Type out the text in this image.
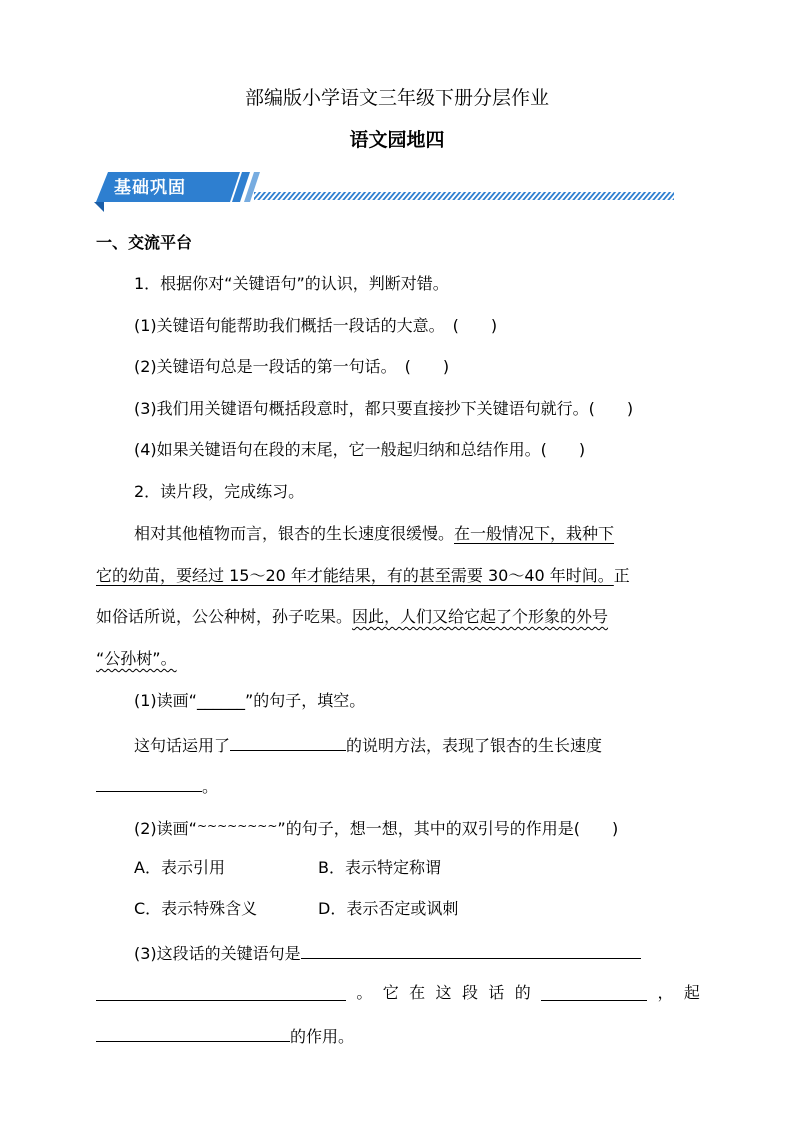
部编版小学语文三年级下册分层作业
语文园地四
基础巩固
一、交流平台
1．根据你对“关键语句”的认识，判断对错。
(1)关键语句能帮助我们概括一段话的大意。　(　　)
(2)关键语句总是一段话的第一句话。　(　　)
(3)我们用关键语句概括段意时，都只要直接抄下关键语句就行。(　　)
(4)如果关键语句在段的末尾，它一般起归纳和总结作用。(　　)
2．读片段，完成练习。
相对其他植物而言，银杏的生长速度很缓慢。在一般情况下，栽种下
它的幼苗，要经过 15～20 年才能结果，有的甚至需要 30～40 年时间。正
如俗话所说，公公种树，孙子吃果。因此，人们又给它起了个形象的外号
“公孙树”。
(1)读画“______”的句子，填空。
这句话运用了	的说明方法，表现了银杏的生长速度
。
(2)读画“~~~~~~~~”的句子，想一想，其中的双引号的作用是(　　)
A．表示引用	B．表示特定称谓
C．表示特殊含义	D．表示否定或讽刺
(3)这段话的关键语句是
。 它 在 这 段 话 的	， 起
的作用。
